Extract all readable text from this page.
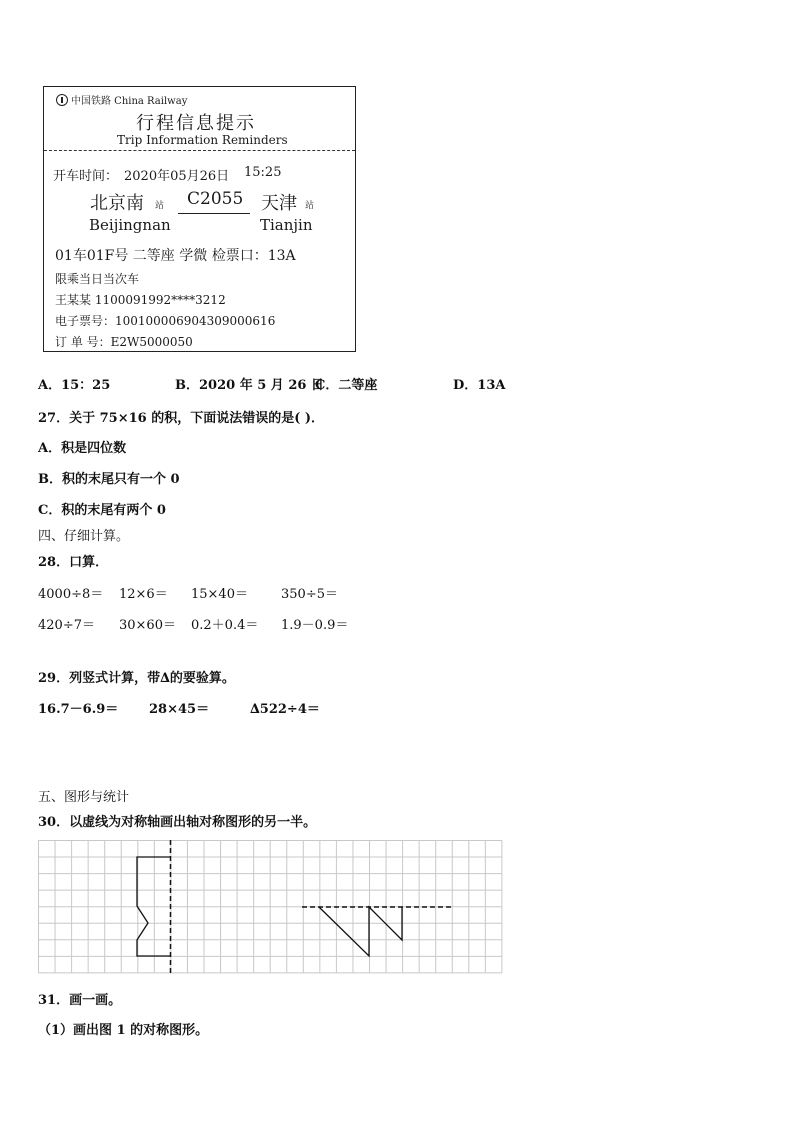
中国铁路 China Railway
行程信息提示
Trip Information Reminders
开车时间： 2020年05月26日 15:25
北京南 站
Beijingnan
C2055 天津 站
Tianjin
01车01F号 二等座 学微 检票口：13A
限乘当日当次车
王某某 1100091992****3212
电子票号：10010000690430900061​6
订 单 号：E2W5000050
A．15：25	B．2020 年 5 月 26 日
C．二等座	D．13A
27．关于 75×16 的积，下面说法错误的是( )．
A．积是四位数
B．积的末尾只有一个 0
C．积的末尾有两个 0
四、仔细计算。
28．口算．
4000÷8＝ 12×6＝ 15×40＝	350÷5＝
420÷7＝ 30×60＝ 0.2＋0.4＝ 1.9－0.9＝
29．列竖式计算，带∆的要验算。
16.7－6.9＝ 28×45＝	∆522÷4＝
五、图形与统计
30．以虚线为对称轴画出轴对称图形的另一半。
31．画一画。
（1）画出图 1 的对称图形。
